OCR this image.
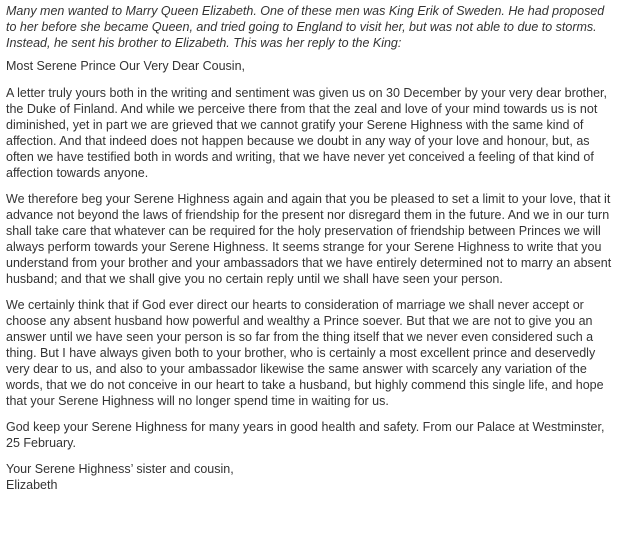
Many men wanted to Marry Queen Elizabeth. One of these men was King Erik of Sweden. He had proposed to her before she became Queen, and tried going to England to visit her, but was not able to due to storms. Instead, he sent his brother to Elizabeth. This was her reply to the King:

Most Serene Prince Our Very Dear Cousin,

A letter truly yours both in the writing and sentiment was given us on 30 December by your very dear brother, the Duke of Finland. And while we perceive there from that the zeal and love of your mind towards us is not diminished, yet in part we are grieved that we cannot gratify your Serene Highness with the same kind of affection. And that indeed does not happen because we doubt in any way of your love and honour, but, as often we have testified both in words and writing, that we have never yet conceived a feeling of that kind of affection towards anyone.

We therefore beg your Serene Highness again and again that you be pleased to set a limit to your love, that it advance not beyond the laws of friendship for the present nor disregard them in the future. And we in our turn shall take care that whatever can be required for the holy preservation of friendship between Princes we will always perform towards your Serene Highness. It seems strange for your Serene Highness to write that you understand from your brother and your ambassadors that we have entirely determined not to marry an absent husband; and that we shall give you no certain reply until we shall have seen your person.

We certainly think that if God ever direct our hearts to consideration of marriage we shall never accept or choose any absent husband how powerful and wealthy a Prince soever. But that we are not to give you an answer until we have seen your person is so far from the thing itself that we never even considered such a thing. But I have always given both to your brother, who is certainly a most excellent prince and deservedly very dear to us, and also to your ambassador likewise the same answer with scarcely any variation of the words, that we do not conceive in our heart to take a husband, but highly commend this single life, and hope that your Serene Highness will no longer spend time in waiting for us.

God keep your Serene Highness for many years in good health and safety. From our Palace at Westminster, 25 February.

Your Serene Highness’ sister and cousin,
Elizabeth
